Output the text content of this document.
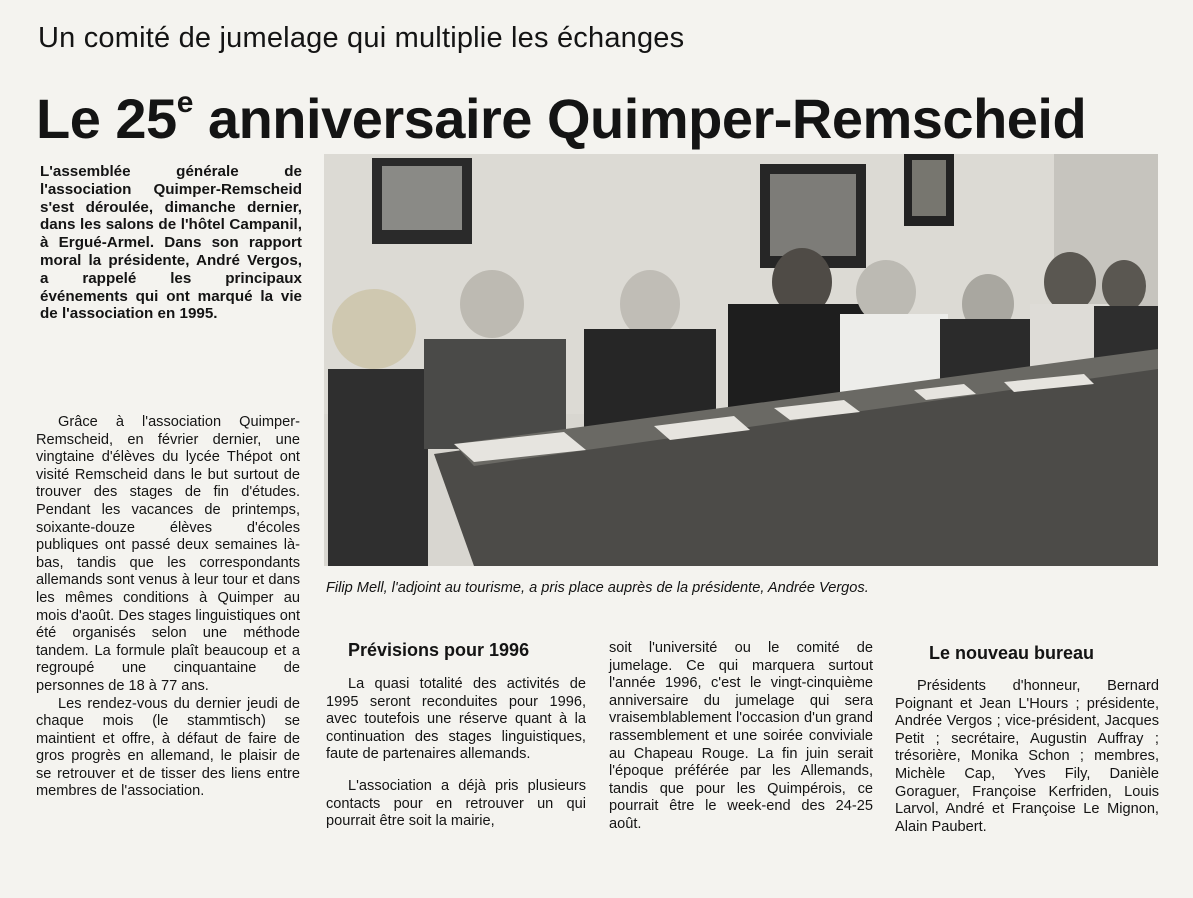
Un comité de jumelage qui multiplie les échanges
Le 25e anniversaire Quimper-Remscheid
L'assemblée générale de l'association Quimper-Remscheid s'est déroulée, dimanche dernier, dans les salons de l'hôtel Campanil, à Ergué-Armel. Dans son rapport moral la présidente, André Vergos, a rappelé les principaux événements qui ont marqué la vie de l'association en 1995.

Grâce à l'association Quimper-Remscheid, en février dernier, une vingtaine d'élèves du lycée Thépot ont visité Remscheid dans le but surtout de trouver des stages de fin d'études. Pendant les vacances de printemps, soixante-douze élèves d'écoles publiques ont passé deux semaines là-bas, tandis que les correspondants allemands sont venus à leur tour et dans les mêmes conditions à Quimper au mois d'août. Des stages linguistiques ont été organisés selon une méthode tandem. La formule plaît beaucoup et a regroupé une cinquantaine de personnes de 18 à 77 ans.

Les rendez-vous du dernier jeudi de chaque mois (le stammtisch) se maintient et offre, à défaut de faire de gros progrès en allemand, le plaisir de se retrouver et de tisser des liens entre membres de l'association.

Filip Mell, l'adjoint au tourisme, a pris place auprès de la présidente, Andrée Vergos.
Prévisions pour 1996

La quasi totalité des activités de 1995 seront reconduites pour 1996, avec toutefois une réserve quant à la continuation des stages linguistiques, faute de partenaires allemands.

L'association a déjà pris plusieurs contacts pour en retrouver un qui pourrait être soit la mairie,

soit l'université ou le comité de jumelage. Ce qui marquera surtout l'année 1996, c'est le vingt-cinquième anniversaire du jumelage qui sera vraisemblablement l'occasion d'un grand rassemblement et une soirée conviviale au Chapeau Rouge. La fin juin serait l'époque préférée par les Allemands, tandis que pour les Quimpérois, ce pourrait être le week-end des 24-25 août.

Le nouveau bureau

Présidents d'honneur, Bernard Poignant et Jean L'Hours ; présidente, Andrée Vergos ; vice-président, Jacques Petit ; secrétaire, Augustin Auffray ; trésorière, Monika Schon ; membres, Michèle Cap, Yves Fily, Danièle Goraguer, Françoise Kerfriden, Louis Larvol, André et Françoise Le Mignon, Alain Paubert.
